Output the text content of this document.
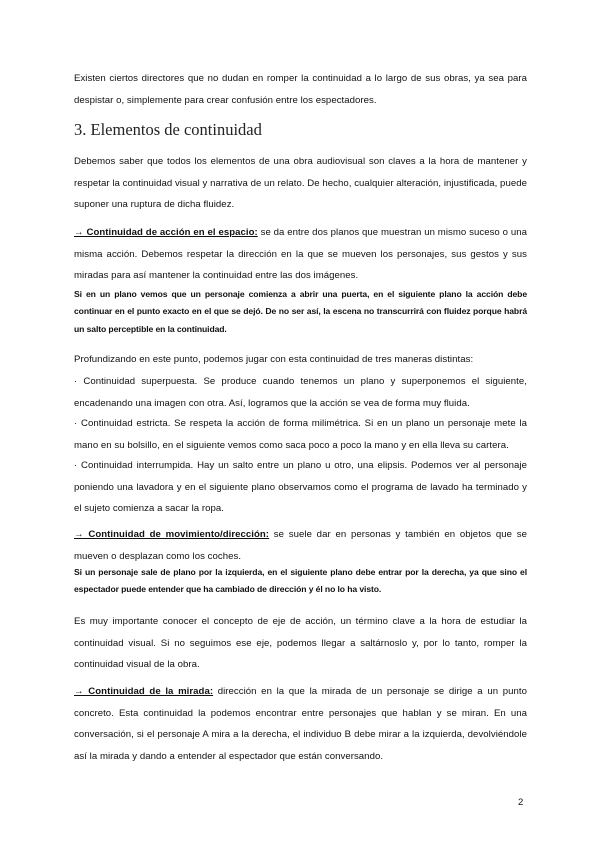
Existen ciertos directores que no dudan en romper la continuidad a lo largo de sus obras, ya sea para despistar o, simplemente para crear confusión entre los espectadores.

3. Elementos de continuidad

Debemos saber que todos los elementos de una obra audiovisual son claves a la hora de mantener y respetar la continuidad visual y narrativa de un relato. De hecho, cualquier alteración, injustificada, puede suponer una ruptura de dicha fluidez.

→ Continuidad de acción en el espacio: se da entre dos planos que muestran un mismo suceso o una misma acción. Debemos respetar la dirección en la que se mueven los personajes, sus gestos y sus miradas para así mantener la continuidad entre las dos imágenes.

Si en un plano vemos que un personaje comienza a abrir una puerta, en el siguiente plano la acción debe continuar en el punto exacto en el que se dejó. De no ser así, la escena no transcurrirá con fluidez porque habrá un salto perceptible en la continuidad.

Profundizando en este punto, podemos jugar con esta continuidad de tres maneras distintas:

· Continuidad superpuesta. Se produce cuando tenemos un plano y superponemos el siguiente, encadenando una imagen con otra. Así, logramos que la acción se vea de forma muy fluida.

· Continuidad estricta. Se respeta la acción de forma milimétrica. Si en un plano un personaje mete la mano en su bolsillo, en el siguiente vemos como saca poco a poco la mano y en ella lleva su cartera.

· Continuidad interrumpida. Hay un salto entre un plano u otro, una elipsis. Podemos ver al personaje poniendo una lavadora y en el siguiente plano observamos como el programa de lavado ha terminado y el sujeto comienza a sacar la ropa.

→ Continuidad de movimiento/dirección: se suele dar en personas y también en objetos que se mueven o desplazan como los coches.

Si un personaje sale de plano por la izquierda, en el siguiente plano debe entrar por la derecha, ya que sino el espectador puede entender que ha cambiado de dirección y él no lo ha visto.

Es muy importante conocer el concepto de eje de acción, un término clave a la hora de estudiar la continuidad visual. Si no seguimos ese eje, podemos llegar a saltárnoslo y, por lo tanto, romper la continuidad visual de la obra.

→ Continuidad de la mirada: dirección en la que la mirada de un personaje se dirige a un punto concreto. Esta continuidad la podemos encontrar entre personajes que hablan y se miran. En una conversación, si el personaje A mira a la derecha, el individuo B debe mirar a la izquierda, devolviéndole así la mirada y dando a entender al espectador que están conversando.

2
